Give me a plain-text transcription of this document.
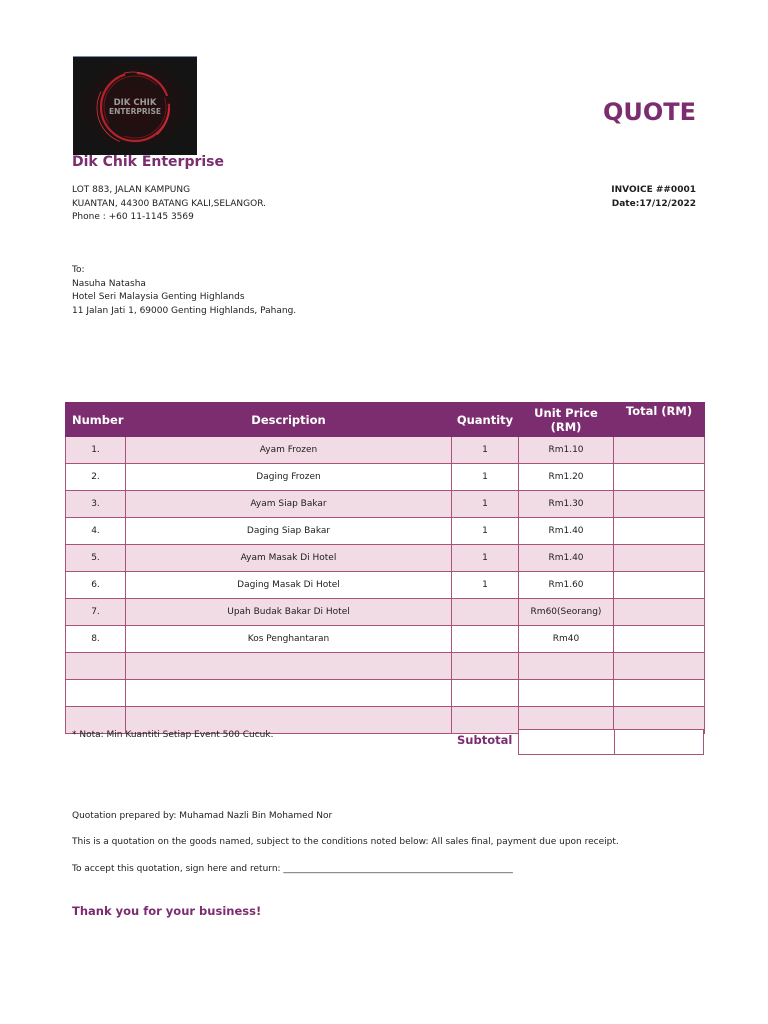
DIK CHIK
ENTERPRISE	QUOTE
Dik Chik Enterprise
LOT 883, JALAN KAMPUNG
KUANTAN, 44300 BATANG KALI,SELANGOR.
Phone : +60 11-1145 3569
INVOICE ##0001
Date:17/12/2022
To:
Nasuha Natasha
Hotel Seri Malaysia Genting Highlands
11 Jalan Jati 1, 69000 Genting Highlands, Pahang.
Number	Description	Quantity	Unit Price (RM)	Total (RM)
1.	Ayam Frozen	1	Rm1.10	
2.	Daging Frozen	1	Rm1.20	
3.	Ayam Siap Bakar	1	Rm1.30	
4.	Daging Siap Bakar	1	Rm1.40	
5.	Ayam Masak Di Hotel	1	Rm1.40	
6.	Daging Masak Di Hotel	1	Rm1.60	
7.	Upah Budak Bakar Di Hotel		Rm60(Seorang)	
8.	Kos Penghantaran		Rm40	

* Nota: Min Kuantiti Setiap Event 500 Cucuk.	Subtotal
Quotation prepared by: Muhamad Nazli Bin Mohamed Nor
This is a quotation on the goods named, subject to the conditions noted below: All sales final, payment due upon receipt.
To accept this quotation, sign here and return: ___________________________________________________
Thank you for your business!
